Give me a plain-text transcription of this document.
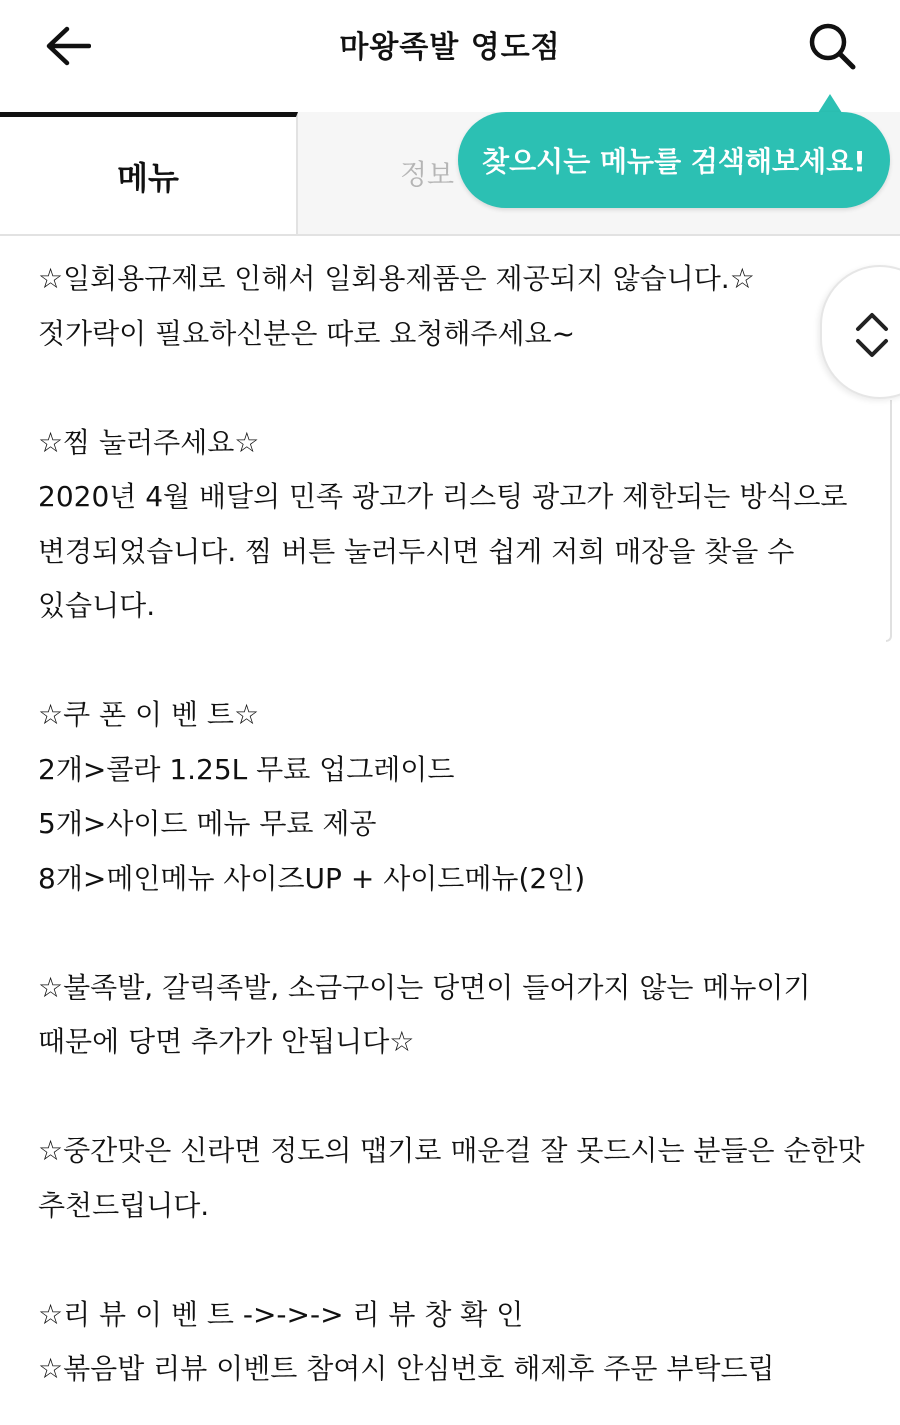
마왕족발 영도점
메뉴	정보 찾으시는 메뉴를 검색해보세요!
☆일회용규제로 인해서 일회용제품은 제공되지 않습니다.☆
젓가락이 필요하신분은 따로 요청해주세요~
☆찜 눌러주세요☆
2020년 4월 배달의 민족 광고가 리스팅 광고가 제한되는 방식으로
변경되었습니다. 찜 버튼 눌러두시면 쉽게 저희 매장을 찾을 수
있습니다.
☆쿠 폰 이 벤 트☆
2개>콜라 1.25L 무료 업그레이드
5개>사이드 메뉴 무료 제공
8개>메인메뉴 사이즈UP + 사이드메뉴(2인)
☆불족발, 갈릭족발, 소금구이는 당면이 들어가지 않는 메뉴이기
때문에 당면 추가가 안됩니다☆
☆중간맛은 신라면 정도의 맵기로 매운걸 잘 못드시는 분들은 순한맛
추천드립니다.
☆리 뷰 이 벤 트 ->->-> 리 뷰 창 확 인
☆볶음밥 리뷰 이벤트 참여시 안심번호 해제후 주문 부탁드립
